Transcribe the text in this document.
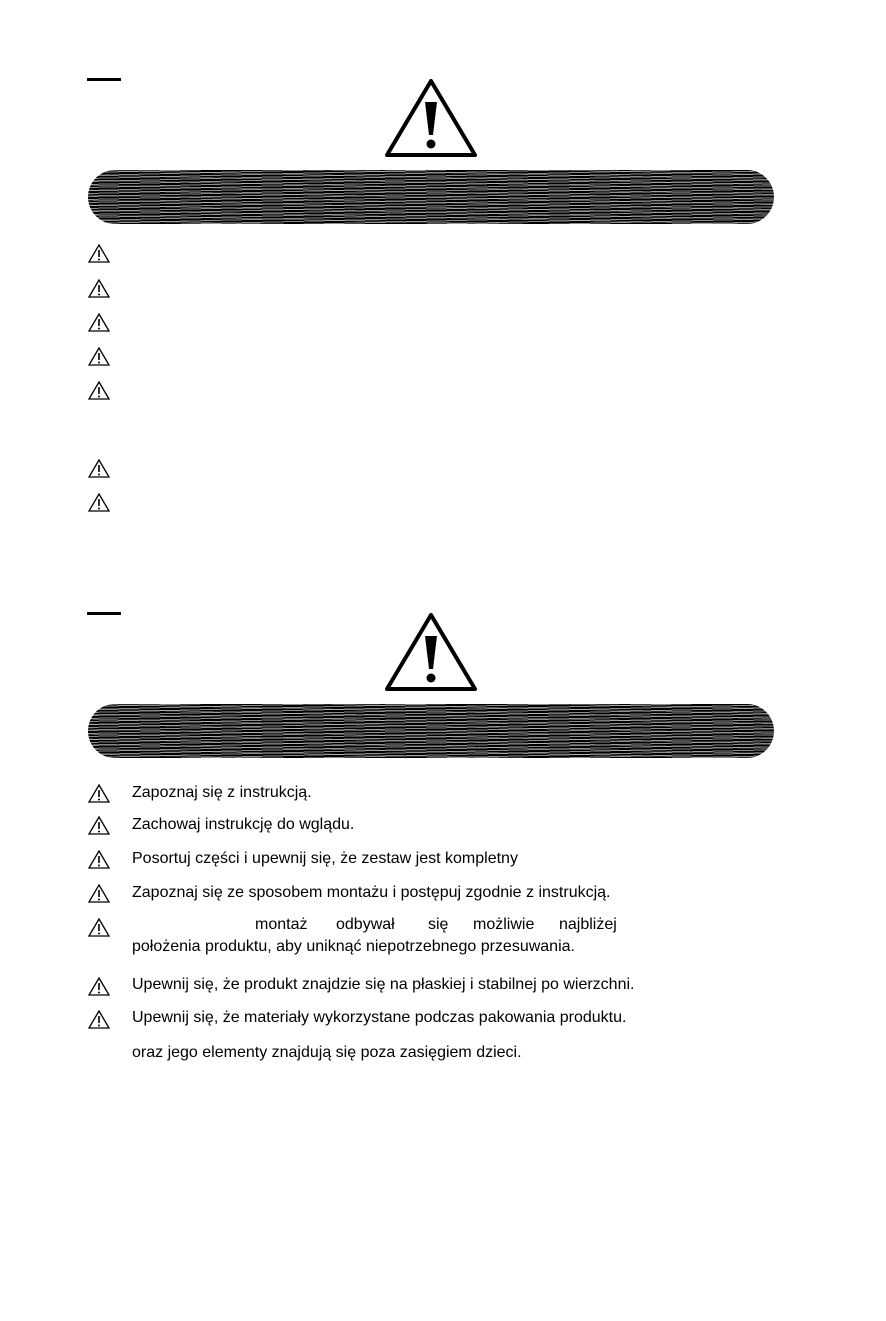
Zapoznaj się z instrukcją.
Zachowaj instrukcję do wglądu.
Posortuj części i upewnij się, że zestaw jest kompletny
Zapoznaj się ze sposobem montażu i postępuj zgodnie z instrukcją.
montaż odbywał się możliwie najbliżej
położenia produktu, aby uniknąć niepotrzebnego przesuwania.
Upewnij się, że produkt znajdzie się na płaskiej i stabilnej po wierzchni.
Upewnij się, że materiały wykorzystane podczas pakowania produktu.
oraz jego elementy znajdują się poza zasięgiem dzieci.
